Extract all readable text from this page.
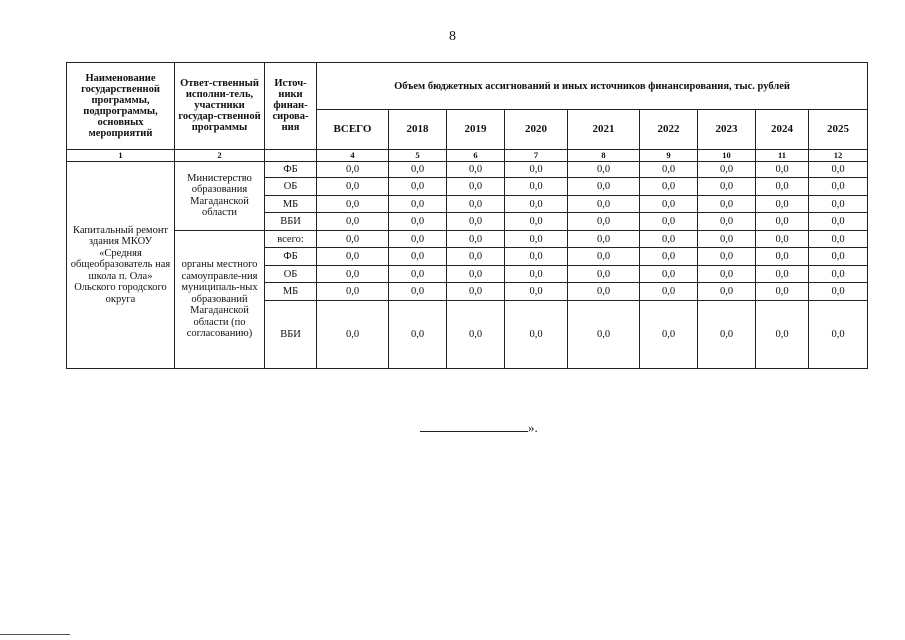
8
Наименование государственной программы, подпрограммы, основных мероприятий	Ответ-ственный исполни-тель, участники государ-ственной программы	Источ-ники финан-сирова-ния	Объем бюджетных ассигнований и иных источников финансирования, тыс. рублей								
			ВСЕГО	2018	2019	2020	2021	2022	2023	2024	2025
1	2		4	5	6	7	8	9	10	11	12
Капитальный ремонт здания МКОУ «Средняя общеобразователь ная школа п. Ола» Ольского городского округа	Министерство образования Магаданской области	ФБ	0,0	0,0	0,0	0,0	0,0	0,0	0,0	0,0	0,0
		ОБ	0,0	0,0	0,0	0,0	0,0	0,0	0,0	0,0	0,0
		МБ	0,0	0,0	0,0	0,0	0,0	0,0	0,0	0,0	0,0
		ВБИ	0,0	0,0	0,0	0,0	0,0	0,0	0,0	0,0	0,0
	органы местного самоуправле-ния муниципаль-ных образований Магаданской области (по согласованию)	всего:	0,0	0,0	0,0	0,0	0,0	0,0	0,0	0,0	0,0
		ФБ	0,0	0,0	0,0	0,0	0,0	0,0	0,0	0,0	0,0
		ОБ	0,0	0,0	0,0	0,0	0,0	0,0	0,0	0,0	0,0
		МБ	0,0	0,0	0,0	0,0	0,0	0,0	0,0	0,0	0,0
		ВБИ	0,0	0,0	0,0	0,0	0,0	0,0	0,0	0,0	0,0
».
